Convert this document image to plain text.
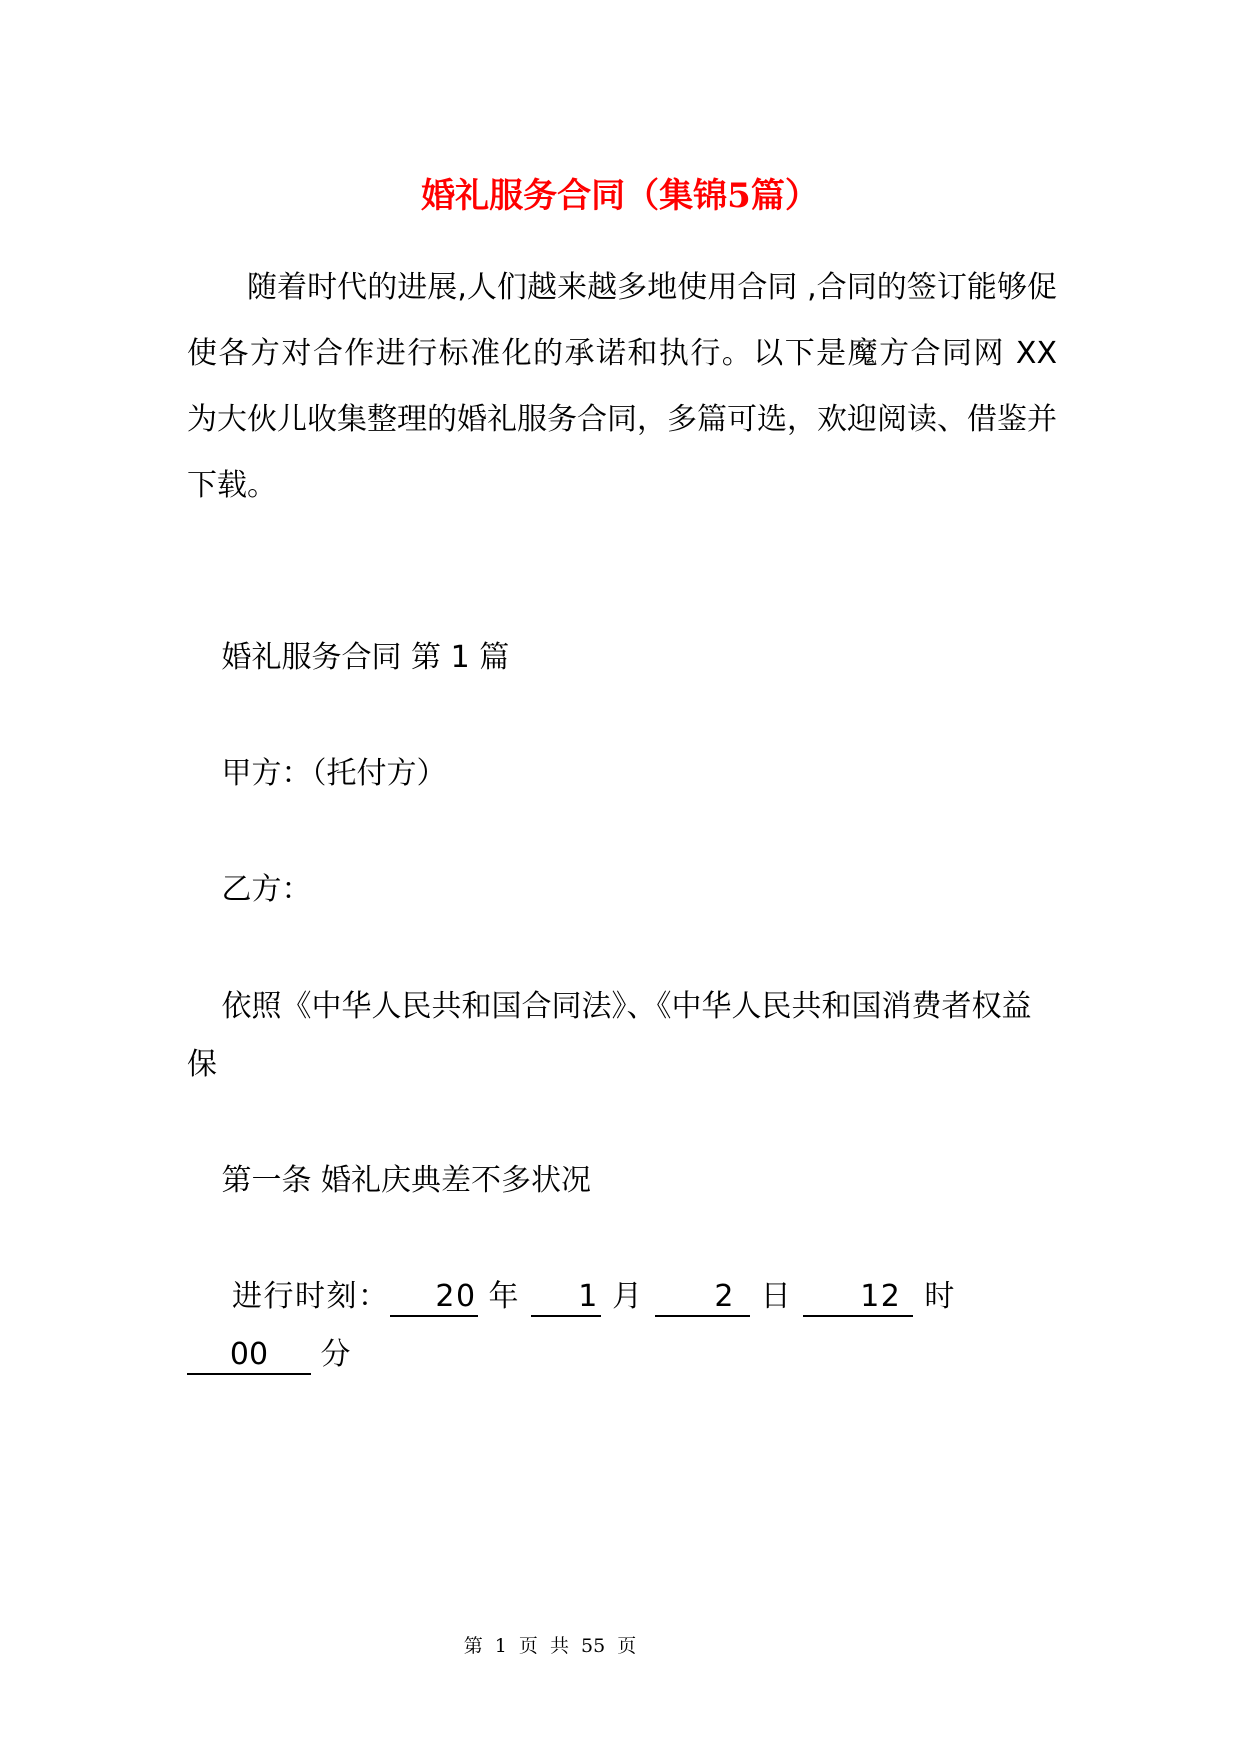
婚礼服务合同（集锦5篇）
随着时代的进展,人们越来越多地使用合同 ,合同的签订能够促使各方对合作进行标准化的承诺和执行。以下是魔方合同网 XX 为大伙儿收集整理的婚礼服务合同，多篇可选，欢迎阅读、借鉴并下载。
婚礼服务合同 第 1 篇
甲方：（托付方）
乙方：
依照《中华人民共和国合同法》、《中华人民共和国消费者权益
保
第一条 婚礼庆典差不多状况
进行时刻： 20 年 1 月 2 日 12 时
00 分
第 1 页 共 55 页
